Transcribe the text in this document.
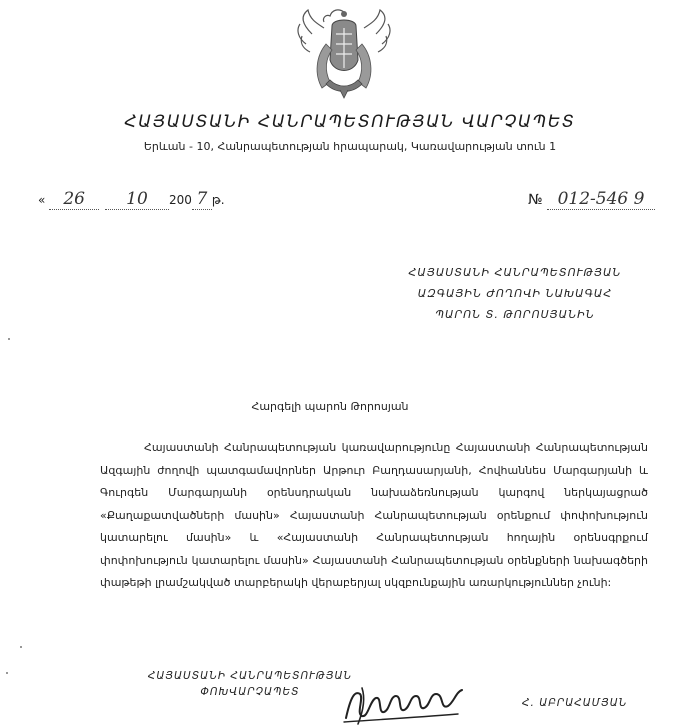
ՀԱՅԱՍՏԱՆԻ ՀԱՆՐԱՊԵՏՈՒԹՅԱՆ ՎԱՐՉԱՊԵՏ
Երևան - 10, Հանրապետության հրապարակ, Կառավարության տուն 1
« 26 10 200 7 թ.	№ 012-546 9
ՀԱՅԱՍՏԱՆԻ ՀԱՆՐԱՊԵՏՈՒԹՅԱՆ
ԱԶԳԱՅԻՆ ԺՈՂՈՎԻ ՆԱԽԱԳԱՀ
ՊԱՐՈՆ Տ. ԹՈՐՈՍՅԱՆԻՆ
Հարգելի պարոն Թորոսյան
Հայաստանի Հանրապետության կառավարությունը Հայաստանի Հանրապետության Ազգային ժողովի պատգամավորներ Արթուր Բաղդասարյանի, Հովհաննես Մարգարյանի և Գուրգեն Մարգարյանի օրենսդրական նախաձեռնության կարգով ներկայացրած «Քաղաքատվածների մասին» Հայաստանի Հանրապետության օրենքում փոփոխություն կատարելու մասին» և «Հայաստանի Հանրապետության հողային օրենսգրքում փոփոխություն կատարելու մասին» Հայաստանի Հանրապետության օրենքների նախագծերի փաթեթի լրամշակված տարբերակի վերաբերյալ սկզբունքային առարկություններ չունի:
ՀԱՅԱՍՏԱՆԻ ՀԱՆՐԱՊԵՏՈՒԹՅԱՆ
ՓՈԽՎԱՐՉԱՊԵՏ
Հ. ԱԲՐԱՀԱՄՅԱՆ
